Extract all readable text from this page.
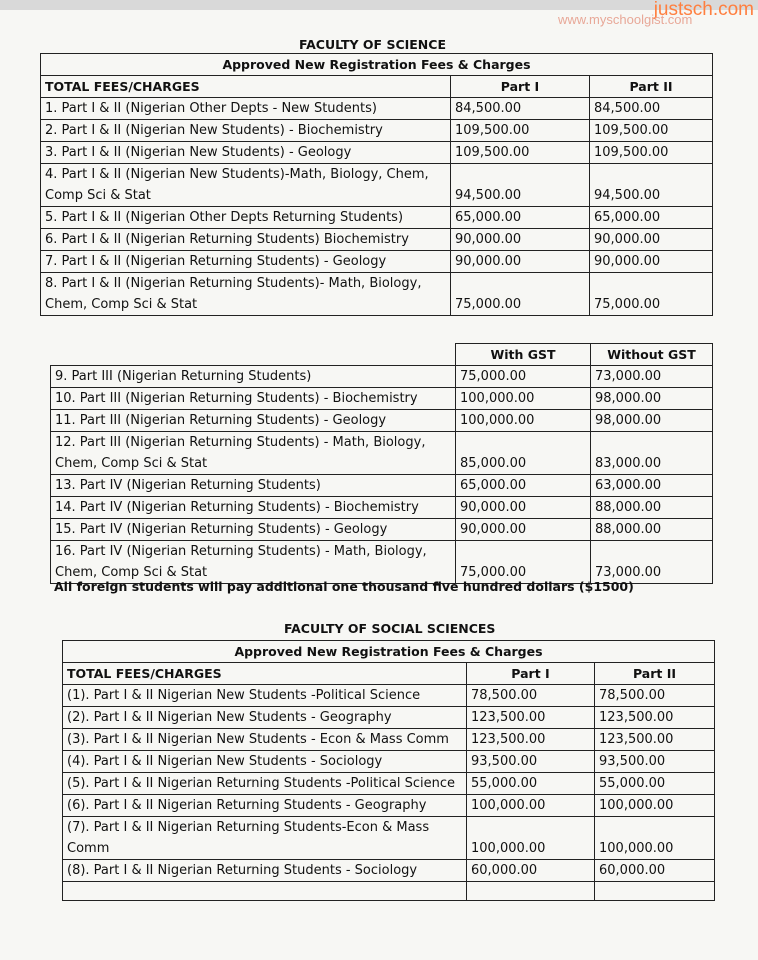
justsch.com
www.myschoolgist.com
FACULTY OF SCIENCE
Approved New Registration Fees & Charges		
TOTAL FEES/CHARGES	Part I	Part II
1. Part I & II (Nigerian Other Depts - New Students)	84,500.00	84,500.00
2. Part I & II (Nigerian New Students) - Biochemistry	109,500.00	109,500.00
3. Part I & II (Nigerian New Students) - Geology	109,500.00	109,500.00
4. Part I & II (Nigerian New Students)-Math, Biology, Chem, Comp Sci & Stat	94,500.00	94,500.00
5. Part I & II (Nigerian Other Depts Returning Students)	65,000.00	65,000.00
6. Part I & II (Nigerian Returning Students) Biochemistry	90,000.00	90,000.00
7. Part I & II (Nigerian Returning Students) - Geology	90,000.00	90,000.00
8. Part I & II (Nigerian Returning Students)- Math, Biology, Chem, Comp Sci & Stat	75,000.00	75,000.00
	With GST	Without GST
9. Part III (Nigerian Returning Students)	75,000.00	73,000.00
10. Part III (Nigerian Returning Students) - Biochemistry	100,000.00	98,000.00
11. Part III (Nigerian Returning Students) - Geology	100,000.00	98,000.00
12. Part III (Nigerian Returning Students) - Math, Biology, Chem, Comp Sci & Stat	85,000.00	83,000.00
13. Part IV (Nigerian Returning Students)	65,000.00	63,000.00
14. Part IV (Nigerian Returning Students) - Biochemistry	90,000.00	88,000.00
15. Part IV (Nigerian Returning Students) - Geology	90,000.00	88,000.00
16. Part IV (Nigerian Returning Students) - Math, Biology, Chem, Comp Sci & Stat	75,000.00	73,000.00
All foreign students will pay additional one thousand five hundred dollars ($1500)
FACULTY OF SOCIAL SCIENCES
Approved New Registration Fees & Charges		
TOTAL FEES/CHARGES	Part I	Part II
(1). Part I & II Nigerian New Students -Political Science	78,500.00	78,500.00
(2). Part I & II Nigerian New Students - Geography	123,500.00	123,500.00
(3). Part I & II Nigerian New Students - Econ & Mass Comm	123,500.00	123,500.00
(4). Part I & II Nigerian New Students - Sociology	93,500.00	93,500.00
(5). Part I & II Nigerian Returning Students -Political Science	55,000.00	55,000.00
(6). Part I & II Nigerian Returning Students - Geography	100,000.00	100,000.00
(7). Part I & II Nigerian Returning Students-Econ & Mass Comm	100,000.00	100,000.00
(8). Part I & II Nigerian Returning Students - Sociology	60,000.00	60,000.00
